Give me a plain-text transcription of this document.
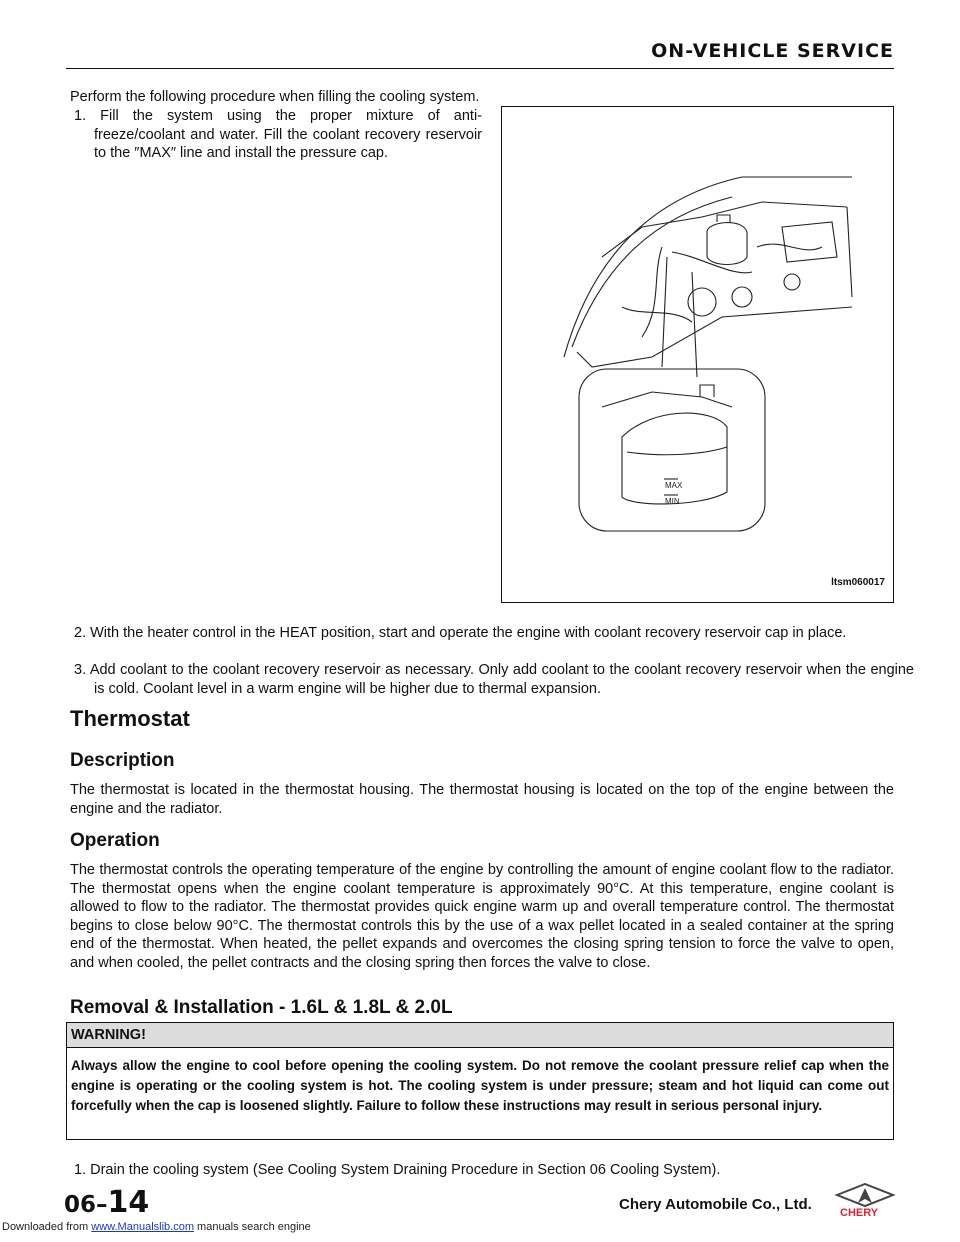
ON-VEHICLE SERVICE
Perform the following procedure when filling the cooling system.
1. Fill the system using the proper mixture of anti-freeze/coolant and water. Fill the coolant recovery reservoir to the ″MAX″ line and install the pressure cap.
MAX
MIN
ltsm060017
2. With the heater control in the HEAT position, start and operate the engine with coolant recovery reservoir cap in place.
3. Add coolant to the coolant recovery reservoir as necessary. Only add coolant to the coolant recovery reservoir when the engine is cold. Coolant level in a warm engine will be higher due to thermal expansion.
Thermostat
Description
The thermostat is located in the thermostat housing. The thermostat housing is located on the top of the engine between the engine and the radiator.
Operation
The thermostat controls the operating temperature of the engine by controlling the amount of engine coolant flow to the radiator. The thermostat opens when the engine coolant temperature is approximately 90°C. At this temperature, engine coolant is allowed to flow to the radiator. The thermostat provides quick engine warm up and overall temperature control. The thermostat begins to close below 90°C. The thermostat controls this by the use of a wax pellet located in a sealed container at the spring end of the thermostat. When heated, the pellet expands and overcomes the closing spring tension to force the valve to open, and when cooled, the pellet contracts and the closing spring then forces the valve to close.
Removal & Installation - 1.6L & 1.8L & 2.0L
WARNING!
Always allow the engine to cool before opening the cooling system. Do not remove the coolant pressure relief cap when the engine is operating or the cooling system is hot. The cooling system is under pressure; steam and hot liquid can come out forcefully when the cap is loosened slightly. Failure to follow these instructions may result in serious personal injury.
1. Drain the cooling system (See Cooling System Draining Procedure in Section 06 Cooling System).
06–14	Chery Automobile Co., Ltd.	CHERY
Downloaded from www.Manualslib.com manuals search engine
